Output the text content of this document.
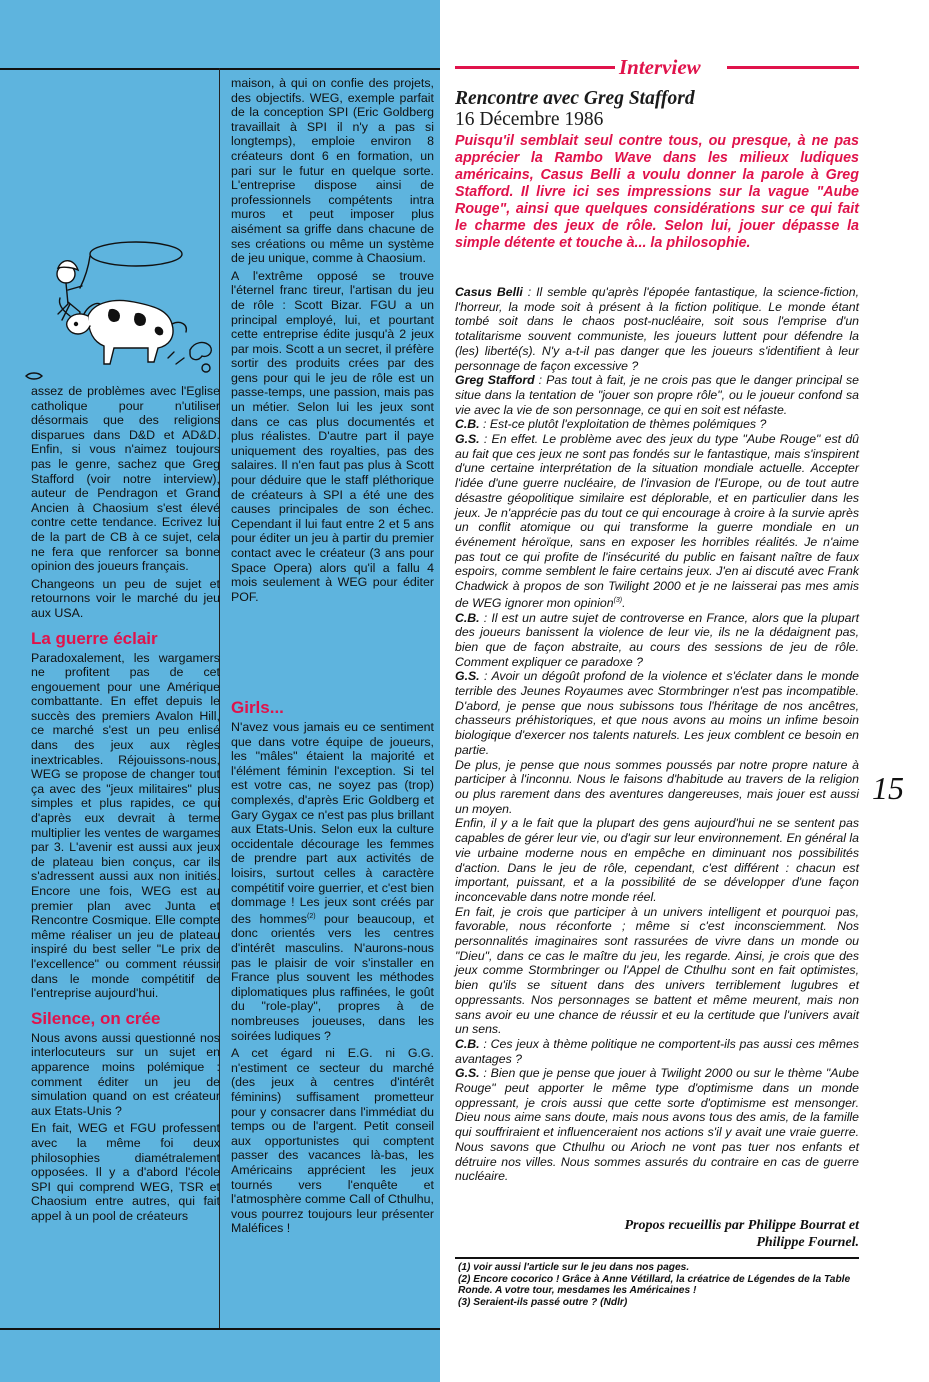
assez de problèmes avec l'Eglise catholique pour n'utiliser désormais que des religions disparues dans D&D et AD&D. Enfin, si vous n'aimez toujours pas le genre, sachez que Greg Stafford (voir notre interview), auteur de Pendragon et Grand Ancien à Chaosium s'est élevé contre cette tendance. Ecrivez lui de la part de CB à ce sujet, cela ne fera que renforcer sa bonne opinion des joueurs français.

Changeons un peu de sujet et retournons voir le marché du jeu aux USA.

La guerre éclair

Paradoxalement, les wargamers ne profitent pas de cet engouement pour une Amérique combattante. En effet depuis le succès des premiers Avalon Hill, ce marché s'est un peu enlisé dans des jeux aux règles inextricables. Réjouissons-nous, WEG se propose de changer tout ça avec des "jeux militaires" plus simples et plus rapides, ce qui d'après eux devrait à terme multiplier les ventes de wargames par 3. L'avenir est aussi aux jeux de plateau bien conçus, car ils s'adressent aussi aux non initiés. Encore une fois, WEG est au premier plan avec Junta et Rencontre Cosmique. Elle compte même réaliser un jeu de plateau inspiré du best seller "Le prix de l'excellence" ou comment réussir dans le monde compétitif de l'entreprise aujourd'hui.

Silence, on crée

Nous avons aussi questionné nos interlocuteurs sur un sujet en apparence moins polémique : comment éditer un jeu de simulation quand on est créateur aux Etats-Unis ?

En fait, WEG et FGU professent avec la même foi deux philosophies diamétralement opposées. Il y a d'abord l'école SPI qui comprend WEG, TSR et Chaosium entre autres, qui fait appel à un pool de créateurs

maison, à qui on confie des projets, des objectifs. WEG, exemple parfait de la conception SPI (Eric Goldberg travaillait à SPI il n'y a pas si longtemps), emploie environ 8 créateurs dont 6 en formation, un pari sur le futur en quelque sorte. L'entreprise dispose ainsi de professionnels compétents intra muros et peut imposer plus aisément sa griffe dans chacune de ses créations ou même un système de jeu unique, comme à Chaosium.

A l'extrême opposé se trouve l'éternel franc tireur, l'artisan du jeu de rôle : Scott Bizar. FGU a un principal employé, lui, et pourtant cette entreprise édite jusqu'à 2 jeux par mois. Scott a un secret, il préfère sortir des produits crées par des gens pour qui le jeu de rôle est un passe-temps, une passion, mais pas un métier. Selon lui les jeux sont dans ce cas plus documentés et plus réalistes. D'autre part il paye uniquement des royalties, pas des salaires. Il n'en faut pas plus à Scott pour déduire que le staff pléthorique de créateurs à SPI a été une des causes principales de son échec. Cependant il lui faut entre 2 et 5 ans pour éditer un jeu à partir du premier contact avec le créateur (3 ans pour Space Opera) alors qu'il a fallu 4 mois seulement à WEG pour éditer POF.

Girls...

N'avez vous jamais eu ce sentiment que dans votre équipe de joueurs, les "mâles" étaient la majorité et l'élément féminin l'exception. Si tel est votre cas, ne soyez pas (trop) complexés, d'après Eric Goldberg et Gary Gygax ce n'est pas plus brillant aux Etats-Unis. Selon eux la culture occidentale décourage les femmes de prendre part aux activités de loisirs, surtout celles à caractère compétitif voire guerrier, et c'est bien dommage ! Les jeux sont créés par des hommes$^{(2)}$ pour beaucoup, et donc orientés vers les centres d'intérêt masculins. N'aurons-nous pas le plaisir de voir s'installer en France plus souvent les méthodes diplomatiques plus raffinées, le goût du "role-play", propres à de nombreuses joueuses, dans les soirées ludiques ?

A cet égard ni E.G. ni G.G. n'estiment ce secteur du marché (des jeux à centres d'intérêt féminins) suffisament prometteur pour y consacrer dans l'immédiat du temps ou de l'argent. Petit conseil aux opportunistes qui comptent passer des vacances là-bas, les Américains apprécient les jeux tournés vers l'enquête et l'atmosphère comme Call of Cthulhu, vous pourrez toujours leur présenter Maléfices !

Interview
Rencontre avec Greg Stafford
16 Décembre 1986
Puisqu'il semblait seul contre tous, ou presque, à ne pas apprécier la Rambo Wave dans les milieux ludiques américains, Casus Belli a voulu donner la parole à Greg Stafford. Il livre ici ses impressions sur la vague "Aube Rouge", ainsi que quelques considérations sur ce qui fait le charme des jeux de rôle. Selon lui, jouer dépasse la simple détente et touche à... la philosophie.

Casus Belli : Il semble qu'après l'épopée fantastique, la science-fiction, l'horreur, la mode soit à présent à la fiction politique. Le monde étant tombé soit dans le chaos post-nucléaire, soit sous l'emprise d'un totalitarisme souvent communiste, les joueurs luttent pour défendre la (les) liberté(s). N'y a-t-il pas danger que les joueurs s'identifient à leur personnage de façon excessive ?

Greg Stafford : Pas tout à fait, je ne crois pas que le danger principal se situe dans la tentation de "jouer son propre rôle", ou le joueur confond sa vie avec la vie de son personnage, ce qui en soit est néfaste.

C.B. : Est-ce plutôt l'exploitation de thèmes polémiques ?

G.S. : En effet. Le problème avec des jeux du type "Aube Rouge" est dû au fait que ces jeux ne sont pas fondés sur le fantastique, mais s'inspirent d'une certaine interprétation de la situation mondiale actuelle. Accepter l'idée d'une guerre nucléaire, de l'invasion de l'Europe, ou de tout autre désastre géopolitique similaire est déplorable, et en particulier dans les jeux. Je n'apprécie pas du tout ce qui encourage à croire à la survie après un conflit atomique ou qui transforme la guerre mondiale en un événement héroïque, sans en exposer les horribles réalités. Je n'aime pas tout ce qui profite de l'insécurité du public en faisant naître de faux espoirs, comme semblent le faire certains jeux. J'en ai discuté avec Frank Chadwick à propos de son Twilight 2000 et je ne laisserai pas mes amis de WEG ignorer mon opinion$^{(3)}$.

C.B. : Il est un autre sujet de controverse en France, alors que la plupart des joueurs banissent la violence de leur vie, ils ne la dédaignent pas, bien que de façon abstraite, au cours des sessions de jeu de rôle. Comment expliquer ce paradoxe ?

G.S. : Avoir un dégoût profond de la violence et s'éclater dans le monde terrible des Jeunes Royaumes avec Stormbringer n'est pas incompatible. D'abord, je pense que nous subissons tous l'héritage de nos ancêtres, chasseurs préhistoriques, et que nous avons au moins un infime besoin biologique d'exercer nos talents naturels. Les jeux comblent ce besoin en partie.

De plus, je pense que nous sommes poussés par notre propre nature à participer à l'inconnu. Nous le faisons d'habitude au travers de la religion ou plus rarement dans des aventures dangereuses, mais jouer est aussi un moyen.

Enfin, il y a le fait que la plupart des gens aujourd'hui ne se sentent pas capables de gérer leur vie, ou d'agir sur leur environnement. En général la vie urbaine moderne nous en empêche en diminuant nos possibilités d'action. Dans le jeu de rôle, cependant, c'est différent : chacun est important, puissant, et a la possibilité de se développer d'une façon inconcevable dans notre monde réel.

En fait, je crois que participer à un univers intelligent et pourquoi pas, favorable, nous réconforte ; même si c'est inconsciemment. Nos personnalités imaginaires sont rassurées de vivre dans un monde ou "Dieu", dans ce cas le maître du jeu, les regarde. Ainsi, je crois que des jeux comme Stormbringer ou l'Appel de Cthulhu sont en fait optimistes, bien qu'ils se situent dans des univers terriblement lugubres et oppressants. Nos personnages se battent et même meurent, mais non sans avoir eu une chance de réussir et eu la certitude que l'univers avait un sens.

C.B. : Ces jeux à thème politique ne comportent-ils pas aussi ces mêmes avantages ?

G.S. : Bien que je pense que jouer à Twilight 2000 ou sur le thème "Aube Rouge" peut apporter le même type d'optimisme dans un monde oppressant, je crois aussi que cette sorte d'optimisme est mensonger. Dieu nous aime sans doute, mais nous avons tous des amis, de la famille qui souffriraient et influenceraient nos actions s'il y avait une vraie guerre. Nous savons que Cthulhu ou Arioch ne vont pas tuer nos enfants et détruire nos villes. Nous sommes assurés du contraire en cas de guerre nucléaire.

Propos recueillis par Philippe Bourrat et
Philippe Fournel.
(1) voir aussi l'article sur le jeu dans nos pages.
(2) Encore cocorico ! Grâce à Anne Vétillard, la créatrice de Légendes de la Table Ronde. A votre tour, mesdames les Américaines !
(3) Seraient-ils passé outre ? (Ndlr)
15
